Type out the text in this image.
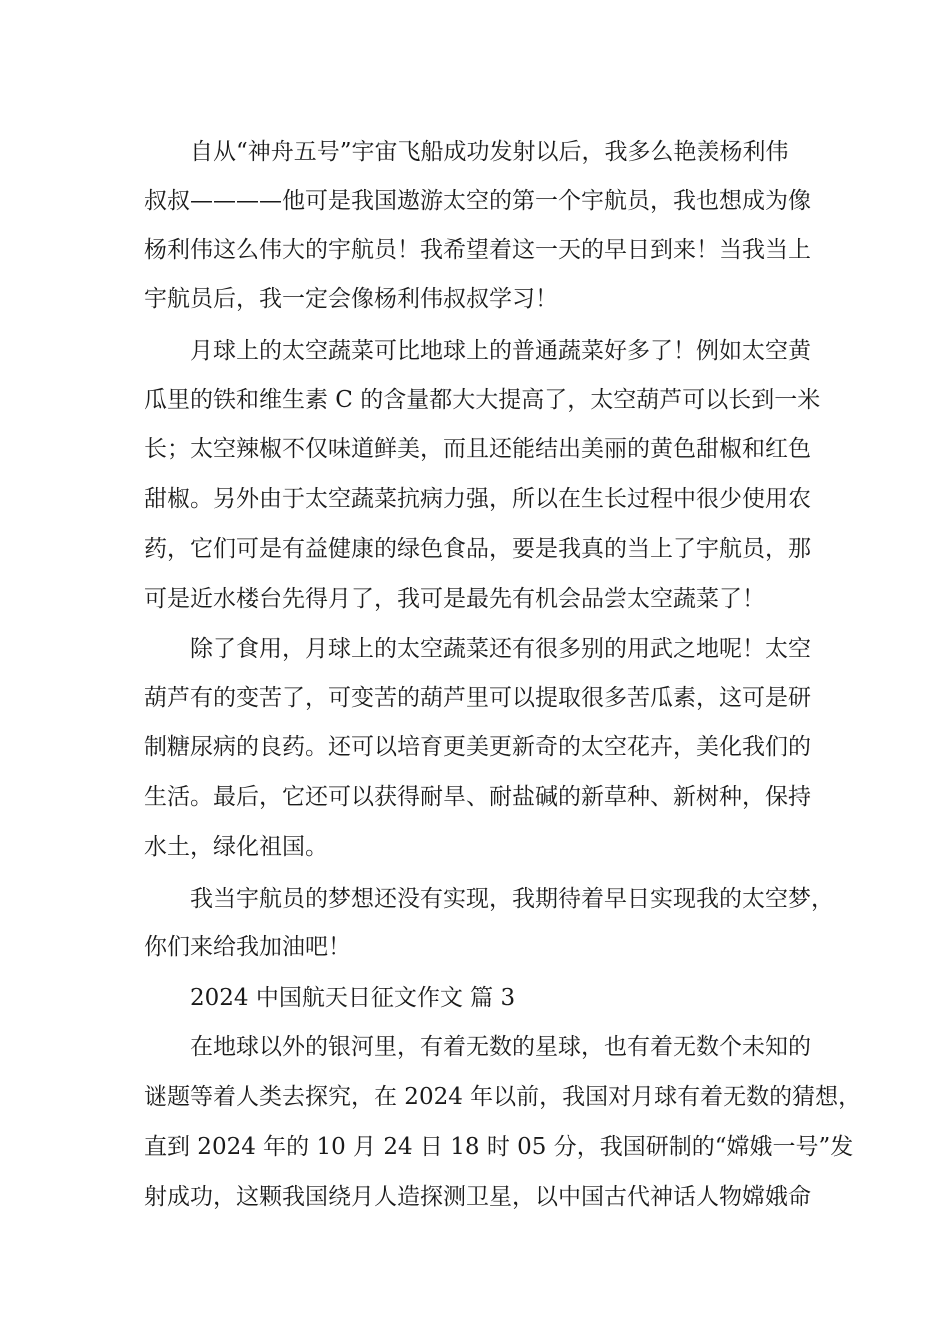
自从“神舟五号”宇宙飞船成功发射以后，我多么艳羡杨利伟
叔叔————他可是我国遨游太空的第一个宇航员，我也想成为像
杨利伟这么伟大的宇航员！我希望着这一天的早日到来！当我当上
宇航员后，我一定会像杨利伟叔叔学习！
月球上的太空蔬菜可比地球上的普通蔬菜好多了！例如太空黄
瓜里的铁和维生素 C 的含量都大大提高了，太空葫芦可以长到一米
长；太空辣椒不仅味道鲜美，而且还能结出美丽的黄色甜椒和红色
甜椒。另外由于太空蔬菜抗病力强，所以在生长过程中很少使用农
药，它们可是有益健康的绿色食品，要是我真的当上了宇航员，那
可是近水楼台先得月了，我可是最先有机会品尝太空蔬菜了！
除了食用，月球上的太空蔬菜还有很多别的用武之地呢！太空
葫芦有的变苦了，可变苦的葫芦里可以提取很多苦瓜素，这可是研
制糖尿病的良药。还可以培育更美更新奇的太空花卉，美化我们的
生活。最后，它还可以获得耐旱、耐盐碱的新草种、新树种，保持
水土，绿化祖国。
我当宇航员的梦想还没有实现，我期待着早日实现我的太空梦，
你们来给我加油吧！
2024 中国航天日征文作文 篇 3
在地球以外的银河里，有着无数的星球，也有着无数个未知的
谜题等着人类去探究，在 2024 年以前，我国对月球有着无数的猜想，
直到 2024 年的 10 月 24 日 18 时 05 分，我国研制的“嫦娥一号”发
射成功，这颗我国绕月人造探测卫星，以中国古代神话人物嫦娥命
